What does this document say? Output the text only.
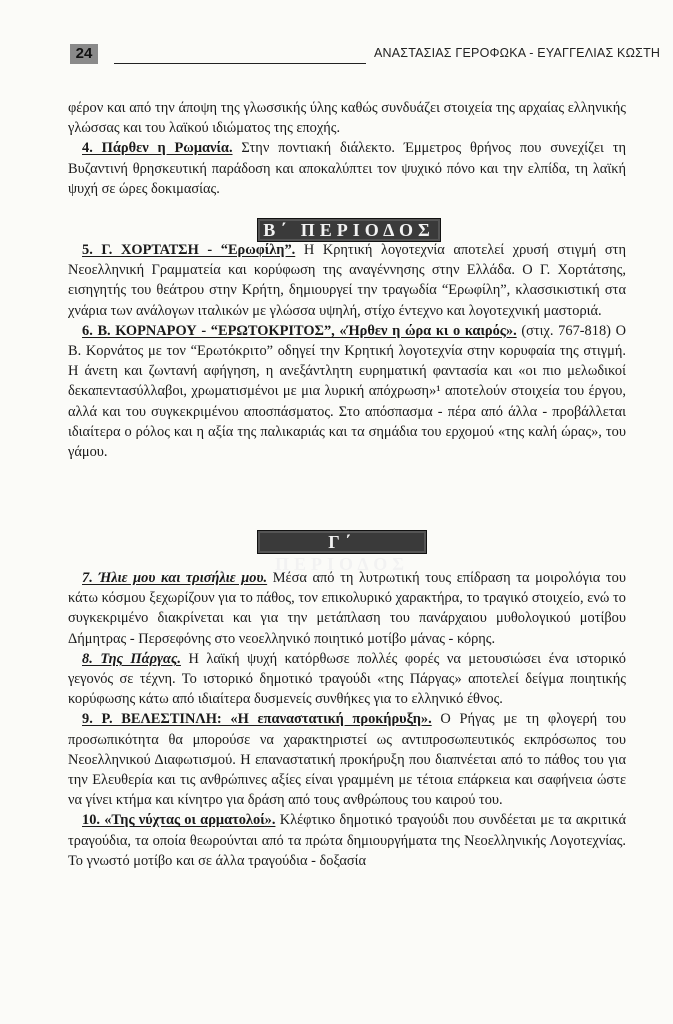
24	ΑΝΑΣΤΑΣΙΑΣ ΓΕΡΟΦΩΚΑ - ΕΥΑΓΓΕΛΙΑΣ ΚΩΣΤΗ

φέρον και από την άποψη της γλωσσικής ύλης καθώς συνδυάζει στοιχεία της αρχαίας ελληνικής γλώσσας και του λαϊκού ιδιώματος της εποχής.

4. Πάρθεν η Ρωμανία. Στην ποντιακή διάλεκτο. Έμμετρος θρήνος που συνεχίζει τη Βυζαντινή θρησκευτική παράδοση και αποκαλύπτει τον ψυχικό πόνο και την ελπίδα, τη λαϊκή ψυχή σε ώρες δοκιμασίας.

Β΄ ΠΕΡΙΟΔΟΣ

5. Γ. ΧΟΡΤΑΤΣΗ - “Ερωφίλη”. Η Κρητική λογοτεχνία αποτελεί χρυσή στιγμή στη Νεοελληνική Γραμματεία και κορύφωση της αναγέννησης στην Ελλάδα. Ο Γ. Χορτάτσης, εισηγητής του θεάτρου στην Κρήτη, δημιουργεί την τραγωδία “Ερωφίλη”, κλασσικιστική στα χνάρια των ανάλογων ιταλικών με γλώσσα υψηλή, στίχο έντεχνο και λογοτεχνική μαστοριά.

6. Β. ΚΟΡΝΑΡΟΥ - “ΕΡΩΤΟΚΡΙΤΟΣ”, «Ήρθεν η ώρα κι ο καιρός». (στιχ. 767-818) Ο Β. Κορνάτος με τον “Ερωτόκριτο” οδηγεί την Κρητική λογοτεχνία στην κορυφαία της στιγμή. Η άνετη και ζωντανή αφήγηση, η ανεξάντλητη ευρηματική φαντασία και «οι πιο μελωδικοί δεκαπεντασύλλαβοι, χρωματισμένοι με μια λυρική απόχρωση»¹ αποτελούν στοιχεία του έργου, αλλά και του συγκεκριμένου αποσπάσματος. Στο απόσπασμα - πέρα από άλλα - προβάλλεται ιδιαίτερα ο ρόλος και η αξία της παλικαριάς και τα σημάδια του ερχομού «της καλή ώρας», του γάμου.

Γ΄ ΠΕΡΙΟΔΟΣ

7. Ήλιε μου και τρισήλιε μου. Μέσα από τη λυτρωτική τους επίδραση τα μοιρολόγια του κάτω κόσμου ξεχωρίζουν για το πάθος, τον επικολυρικό χαρακτήρα, το τραγικό στοιχείο, ενώ το συγκεκριμένο διακρίνεται και για την μετάπλαση του πανάρχαιου μυθολογικού μοτίβου Δήμητρας - Περσεφόνης στο νεοελληνικό ποιητικό μοτίβο μάνας - κόρης.

8. Της Πάργας. Η λαϊκή ψυχή κατόρθωσε πολλές φορές να μετουσιώσει ένα ιστορικό γεγονός σε τέχνη. Το ιστορικό δημοτικό τραγούδι «της Πάργας» αποτελεί δείγμα ποιητικής κορύφωσης κάτω από ιδιαίτερα δυσμενείς συνθήκες για το ελληνικό έθνος.

9. Ρ. ΒΕΛΕΣΤΙΝΛΗ: «Η επαναστατική προκήρυξη». Ο Ρήγας με τη φλογερή του προσωπικότητα θα μπορούσε να χαρακτηριστεί ως αντιπροσωπευτικός εκπρόσωπος του Νεοελληνικού Διαφωτισμού. Η επαναστατική προκήρυξη που διαπνέεται από το πάθος του για την Ελευθερία και τις ανθρώπινες αξίες είναι γραμμένη με τέτοια επάρκεια και σαφήνεια ώστε να γίνει κτήμα και κίνητρο για δράση από τους ανθρώπους του καιρού του.

10. «Της νύχτας οι αρματολοί». Κλέφτικο δημοτικό τραγούδι που συνδέεται με τα ακριτικά τραγούδια, τα οποία θεωρούνται από τα πρώτα δημιουργήματα της Νεοελληνικής Λογοτεχνίας. Το γνωστό μοτίβο και σε άλλα τραγούδια - δοξασία
